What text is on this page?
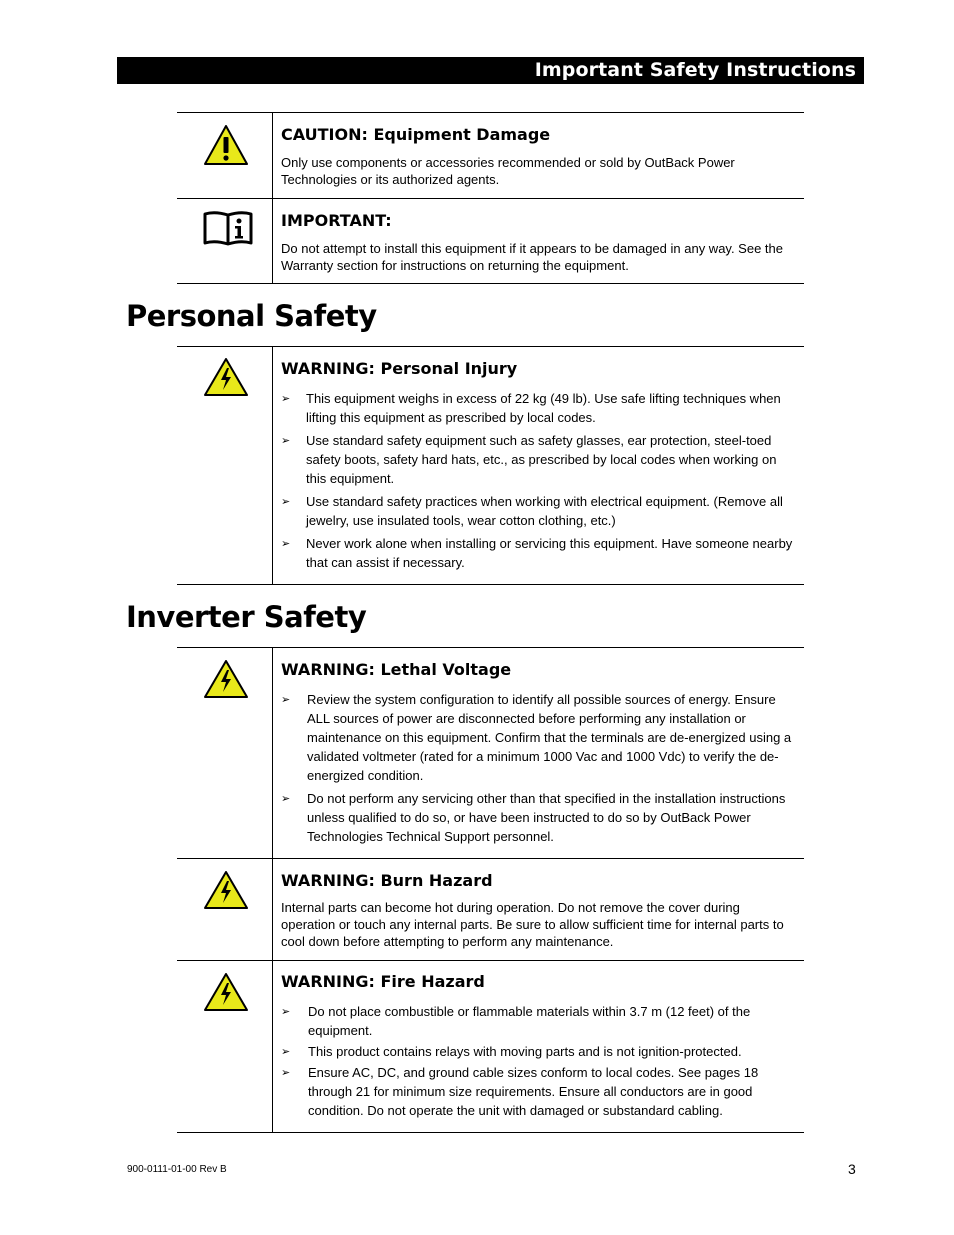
Important Safety Instructions
CAUTION: Equipment Damage

Only use components or accessories recommended or sold by OutBack Power Technologies or its authorized agents.

IMPORTANT:

Do not attempt to install this equipment if it appears to be damaged in any way. See the Warranty section for instructions on returning the equipment.

Personal Safety
WARNING: Personal Injury
➢ This equipment weighs in excess of 22 kg (49 lb). Use safe lifting techniques when lifting this equipment as prescribed by local codes.
➢ Use standard safety equipment such as safety glasses, ear protection, steel-toed safety boots, safety hard hats, etc., as prescribed by local codes when working on this equipment.
➢ Use standard safety practices when working with electrical equipment. (Remove all jewelry, use insulated tools, wear cotton clothing, etc.)
➢ Never work alone when installing or servicing this equipment. Have someone nearby that can assist if necessary.
Inverter Safety
WARNING: Lethal Voltage
➢ Review the system configuration to identify all possible sources of energy. Ensure ALL sources of power are disconnected before performing any installation or maintenance on this equipment. Confirm that the terminals are de-energized using a validated voltmeter (rated for a minimum 1000 Vac and 1000 Vdc) to verify the de-energized condition.
➢ Do not perform any servicing other than that specified in the installation instructions unless qualified to do so, or have been instructed to do so by OutBack Power Technologies Technical Support personnel.
WARNING: Burn Hazard

Internal parts can become hot during operation. Do not remove the cover during operation or touch any internal parts. Be sure to allow sufficient time for internal parts to cool down before attempting to perform any maintenance.

WARNING: Fire Hazard
➢ Do not place combustible or flammable materials within 3.7 m (12 feet) of the equipment.
➢ This product contains relays with moving parts and is not ignition-protected.
➢ Ensure AC, DC, and ground cable sizes conform to local codes. See pages 18 through 21 for minimum size requirements. Ensure all conductors are in good condition. Do not operate the unit with damaged or substandard cabling.
900-0111-01-00 Rev B	3
